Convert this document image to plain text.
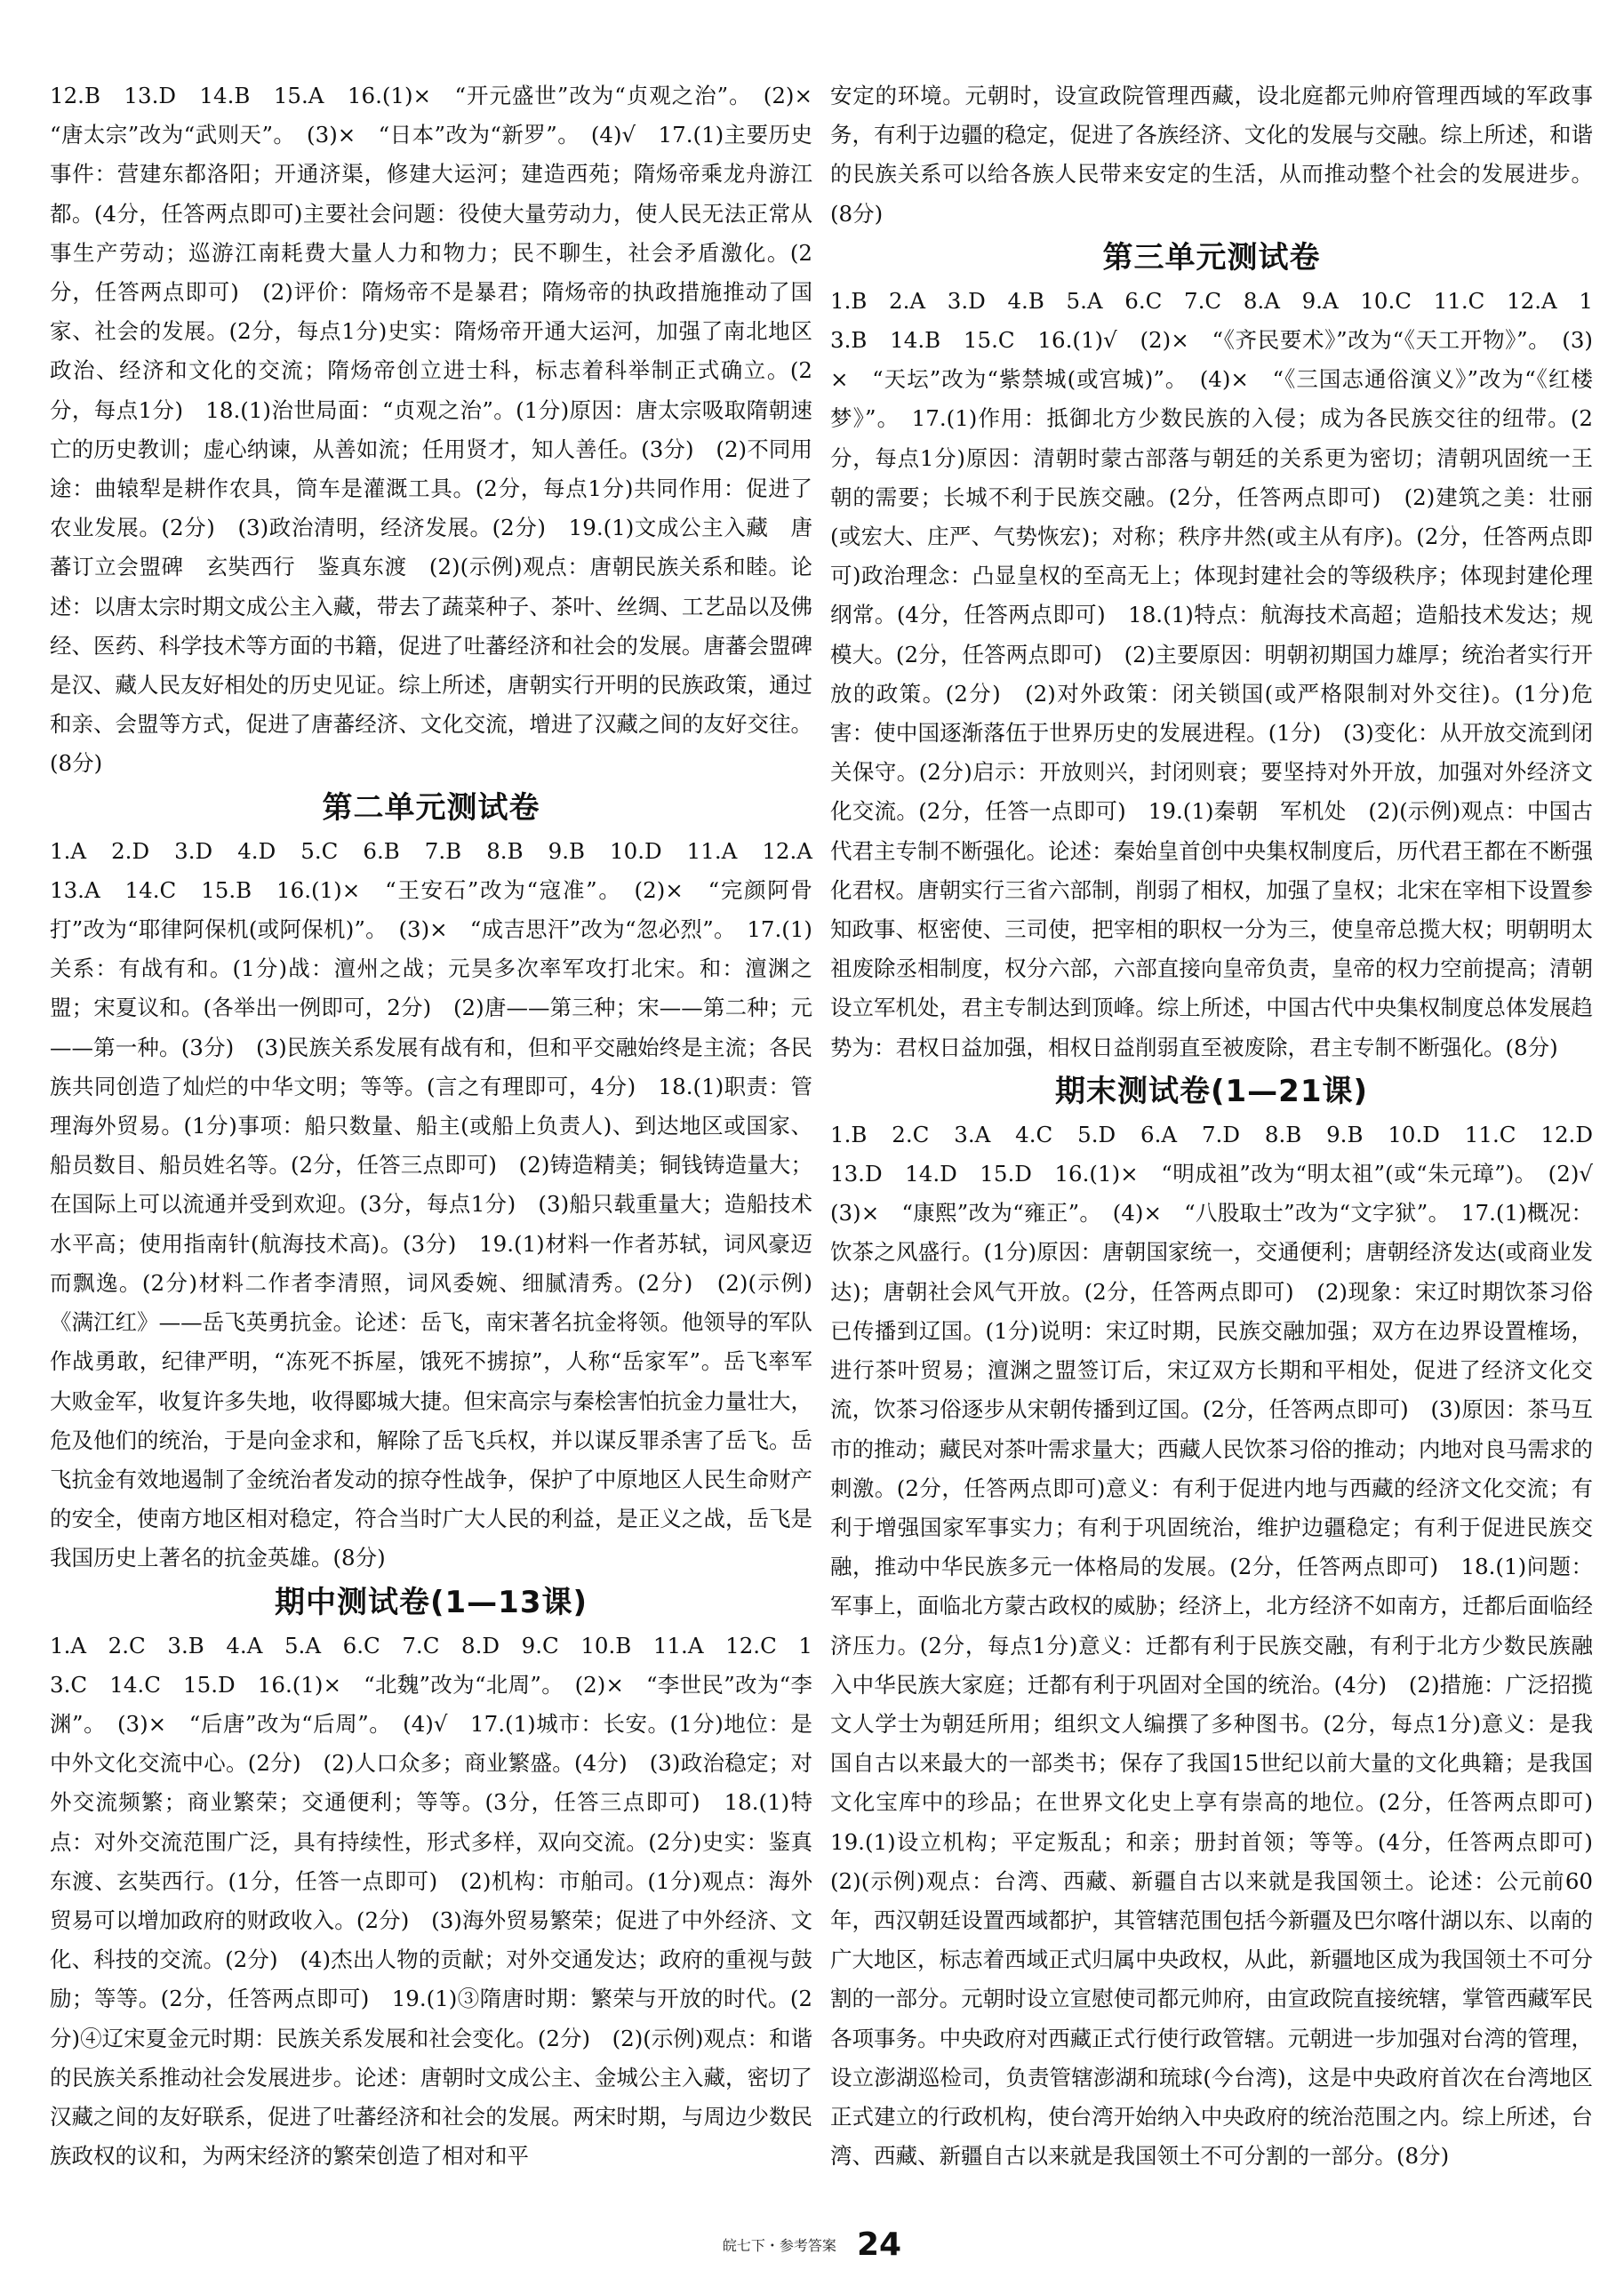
12.B　13.D　14.B　15.A　16.(1)×　“开元盛世”改为“贞观之治”。　(2)×　“唐太宗”改为“武则天”。　(3)×　“日本”改为“新罗”。　(4)√　17.(1)主要历史事件：营建东都洛阳；开通济渠，修建大运河；建造西苑；隋炀帝乘龙舟游江都。(4分，任答两点即可)主要社会问题：役使大量劳动力，使人民无法正常从事生产劳动；巡游江南耗费大量人力和物力；民不聊生，社会矛盾激化。(2分，任答两点即可)　(2)评价：隋炀帝不是暴君；隋炀帝的执政措施推动了国家、社会的发展。(2分，每点1分)史实：隋炀帝开通大运河，加强了南北地区政治、经济和文化的交流；隋炀帝创立进士科，标志着科举制正式确立。(2分，每点1分)　18.(1)治世局面：“贞观之治”。(1分)原因：唐太宗吸取隋朝速亡的历史教训；虚心纳谏，从善如流；任用贤才，知人善任。(3分)　(2)不同用途：曲辕犁是耕作农具，筒车是灌溉工具。(2分，每点1分)共同作用：促进了农业发展。(2分)　(3)政治清明，经济发展。(2分)　19.(1)文成公主入藏　唐蕃订立会盟碑　玄奘西行　鉴真东渡　(2)(示例)观点：唐朝民族关系和睦。论述：以唐太宗时期文成公主入藏，带去了蔬菜种子、茶叶、丝绸、工艺品以及佛经、医药、科学技术等方面的书籍，促进了吐蕃经济和社会的发展。唐蕃会盟碑是汉、藏人民友好相处的历史见证。综上所述，唐朝实行开明的民族政策，通过和亲、会盟等方式，促进了唐蕃经济、文化交流，增进了汉藏之间的友好交往。(8分)

第二单元测试卷

1.A　2.D　3.D　4.D　5.C　6.B　7.B　8.B　9.B　10.D　11.A　12.A　13.A　14.C　15.B　16.(1)×　“王安石”改为“寇准”。　(2)×　“完颜阿骨打”改为“耶律阿保机(或阿保机)”。　(3)×　“成吉思汗”改为“忽必烈”。　17.(1)关系：有战有和。(1分)战：澶州之战；元昊多次率军攻打北宋。和：澶渊之盟；宋夏议和。(各举出一例即可，2分)　(2)唐——第三种；宋——第二种；元——第一种。(3分)　(3)民族关系发展有战有和，但和平交融始终是主流；各民族共同创造了灿烂的中华文明；等等。(言之有理即可，4分)　18.(1)职责：管理海外贸易。(1分)事项：船只数量、船主(或船上负责人)、到达地区或国家、船员数目、船员姓名等。(2分，任答三点即可)　(2)铸造精美；铜钱铸造量大；在国际上可以流通并受到欢迎。(3分，每点1分)　(3)船只载重量大；造船技术水平高；使用指南针(航海技术高)。(3分)　19.(1)材料一作者苏轼，词风豪迈而飘逸。(2分)材料二作者李清照，词风委婉、细腻清秀。(2分)　(2)(示例)《满江红》——岳飞英勇抗金。论述：岳飞，南宋著名抗金将领。他领导的军队作战勇敢，纪律严明，“冻死不拆屋，饿死不掳掠”，人称“岳家军”。岳飞率军大败金军，收复许多失地，收得郾城大捷。但宋高宗与秦桧害怕抗金力量壮大，危及他们的统治，于是向金求和，解除了岳飞兵权，并以谋反罪杀害了岳飞。岳飞抗金有效地遏制了金统治者发动的掠夺性战争，保护了中原地区人民生命财产的安全，使南方地区相对稳定，符合当时广大人民的利益，是正义之战，岳飞是我国历史上著名的抗金英雄。(8分)

期中测试卷(1—13课)

1.A　2.C　3.B　4.A　5.A　6.C　7.C　8.D　9.C　10.B　11.A　12.C　13.C　14.C　15.D　16.(1)×　“北魏”改为“北周”。　(2)×　“李世民”改为“李渊”。　(3)×　“后唐”改为“后周”。　(4)√　17.(1)城市：长安。(1分)地位：是中外文化交流中心。(2分)　(2)人口众多；商业繁盛。(4分)　(3)政治稳定；对外交流频繁；商业繁荣；交通便利；等等。(3分，任答三点即可)　18.(1)特点：对外交流范围广泛，具有持续性，形式多样，双向交流。(2分)史实：鉴真东渡、玄奘西行。(1分，任答一点即可)　(2)机构：市舶司。(1分)观点：海外贸易可以增加政府的财政收入。(2分)　(3)海外贸易繁荣；促进了中外经济、文化、科技的交流。(2分)　(4)杰出人物的贡献；对外交通发达；政府的重视与鼓励；等等。(2分，任答两点即可)　19.(1)③隋唐时期：繁荣与开放的时代。(2分)④辽宋夏金元时期：民族关系发展和社会变化。(2分)　(2)(示例)观点：和谐的民族关系推动社会发展进步。论述：唐朝时文成公主、金城公主入藏，密切了汉藏之间的友好联系，促进了吐蕃经济和社会的发展。两宋时期，与周边少数民族政权的议和，为两宋经济的繁荣创造了相对和平

安定的环境。元朝时，设宣政院管理西藏，设北庭都元帅府管理西域的军政事务，有利于边疆的稳定，促进了各族经济、文化的发展与交融。综上所述，和谐的民族关系可以给各族人民带来安定的生活，从而推动整个社会的发展进步。(8分)

第三单元测试卷

1.B　2.A　3.D　4.B　5.A　6.C　7.C　8.A　9.A　10.C　11.C　12.A　13.B　14.B　15.C　16.(1)√　(2)×　“《齐民要术》”改为“《天工开物》”。　(3)×　“天坛”改为“紫禁城(或宫城)”。　(4)×　“《三国志通俗演义》”改为“《红楼梦》”。　17.(1)作用：抵御北方少数民族的入侵；成为各民族交往的纽带。(2分，每点1分)原因：清朝时蒙古部落与朝廷的关系更为密切；清朝巩固统一王朝的需要；长城不利于民族交融。(2分，任答两点即可)　(2)建筑之美：壮丽(或宏大、庄严、气势恢宏)；对称；秩序井然(或主从有序)。(2分，任答两点即可)政治理念：凸显皇权的至高无上；体现封建社会的等级秩序；体现封建伦理纲常。(4分，任答两点即可)　18.(1)特点：航海技术高超；造船技术发达；规模大。(2分，任答两点即可)　(2)主要原因：明朝初期国力雄厚；统治者实行开放的政策。(2分)　(2)对外政策：闭关锁国(或严格限制对外交往)。(1分)危害：使中国逐渐落伍于世界历史的发展进程。(1分)　(3)变化：从开放交流到闭关保守。(2分)启示：开放则兴，封闭则衰；要坚持对外开放，加强对外经济文化交流。(2分，任答一点即可)　19.(1)秦朝　军机处　(2)(示例)观点：中国古代君主专制不断强化。论述：秦始皇首创中央集权制度后，历代君王都在不断强化君权。唐朝实行三省六部制，削弱了相权，加强了皇权；北宋在宰相下设置参知政事、枢密使、三司使，把宰相的职权一分为三，使皇帝总揽大权；明朝明太祖废除丞相制度，权分六部，六部直接向皇帝负责，皇帝的权力空前提高；清朝设立军机处，君主专制达到顶峰。综上所述，中国古代中央集权制度总体发展趋势为：君权日益加强，相权日益削弱直至被废除，君主专制不断强化。(8分)

期末测试卷(1—21课)

1.B　2.C　3.A　4.C　5.D　6.A　7.D　8.B　9.B　10.D　11.C　12.D　13.D　14.D　15.D　16.(1)×　“明成祖”改为“明太祖”(或“朱元璋”)。　(2)√　(3)×　“康熙”改为“雍正”。　(4)×　“八股取士”改为“文字狱”。　17.(1)概况：饮茶之风盛行。(1分)原因：唐朝国家统一，交通便利；唐朝经济发达(或商业发达)；唐朝社会风气开放。(2分，任答两点即可)　(2)现象：宋辽时期饮茶习俗已传播到辽国。(1分)说明：宋辽时期，民族交融加强；双方在边界设置榷场，进行茶叶贸易；澶渊之盟签订后，宋辽双方长期和平相处，促进了经济文化交流，饮茶习俗逐步从宋朝传播到辽国。(2分，任答两点即可)　(3)原因：茶马互市的推动；藏民对茶叶需求量大；西藏人民饮茶习俗的推动；内地对良马需求的刺激。(2分，任答两点即可)意义：有利于促进内地与西藏的经济文化交流；有利于增强国家军事实力；有利于巩固统治，维护边疆稳定；有利于促进民族交融，推动中华民族多元一体格局的发展。(2分，任答两点即可)　18.(1)问题：军事上，面临北方蒙古政权的威胁；经济上，北方经济不如南方，迁都后面临经济压力。(2分，每点1分)意义：迁都有利于民族交融，有利于北方少数民族融入中华民族大家庭；迁都有利于巩固对全国的统治。(4分)　(2)措施：广泛招揽文人学士为朝廷所用；组织文人编撰了多种图书。(2分，每点1分)意义：是我国自古以来最大的一部类书；保存了我国15世纪以前大量的文化典籍；是我国文化宝库中的珍品；在世界文化史上享有崇高的地位。(2分，任答两点即可)　19.(1)设立机构；平定叛乱；和亲；册封首领；等等。(4分，任答两点即可)　(2)(示例)观点：台湾、西藏、新疆自古以来就是我国领土。论述：公元前60年，西汉朝廷设置西域都护，其管辖范围包括今新疆及巴尔喀什湖以东、以南的广大地区，标志着西域正式归属中央政权，从此，新疆地区成为我国领土不可分割的一部分。元朝时设立宣慰使司都元帅府，由宣政院直接统辖，掌管西藏军民各项事务。中央政府对西藏正式行使行政管辖。元朝进一步加强对台湾的管理，设立澎湖巡检司，负责管辖澎湖和琉球(今台湾)，这是中央政府首次在台湾地区正式建立的行政机构，使台湾开始纳入中央政府的统治范围之内。综上所述，台湾、西藏、新疆自古以来就是我国领土不可分割的一部分。(8分)

皖七下・参考答案 24
